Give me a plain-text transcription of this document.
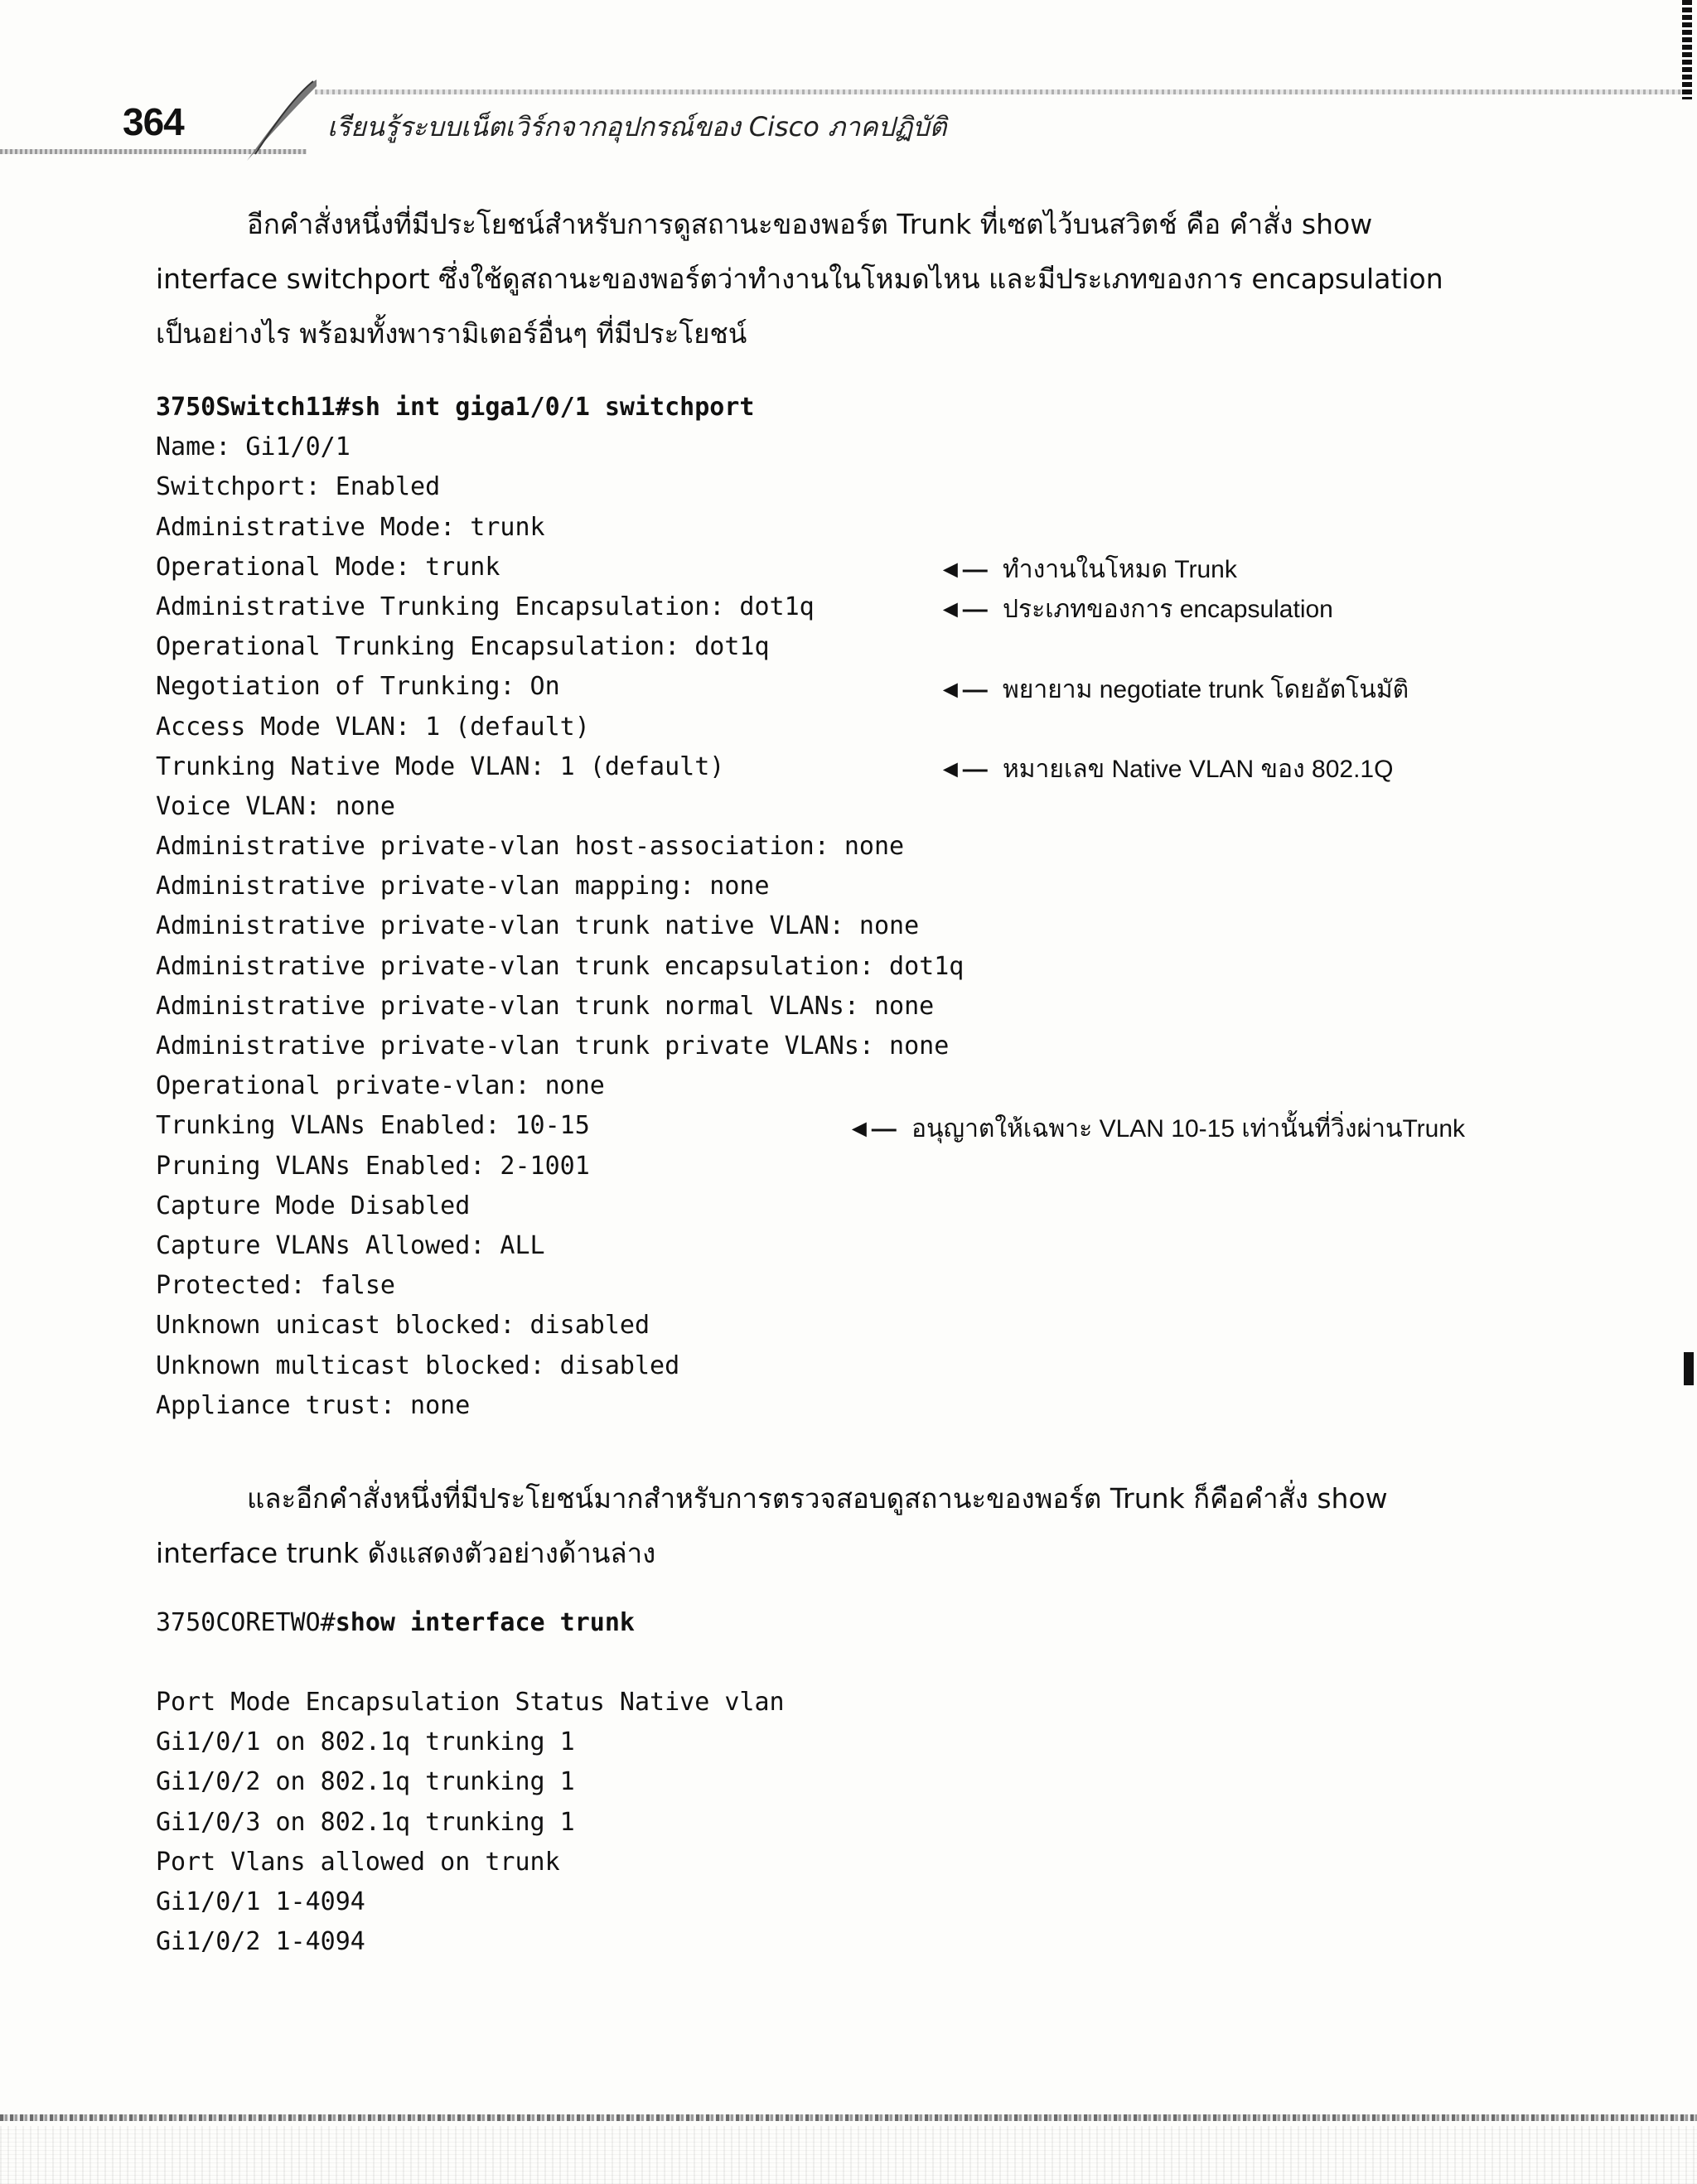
364	เรียนรู้ระบบเน็ตเวิร์กจากอุปกรณ์ของ Cisco ภาคปฏิบัติ
อีกคำสั่งหนึ่งที่มีประโยชน์สำหรับการดูสถานะของพอร์ต Trunk ที่เซตไว้บนสวิตช์ คือ คำสั่ง show
interface switchport ซึ่งใช้ดูสถานะของพอร์ตว่าทำงานในโหมดไหน และมีประเภทของการ encapsulation
เป็นอย่างไร พร้อมทั้งพารามิเตอร์อื่นๆ ที่มีประโยชน์
3750Switch11#sh int giga1/0/1 switchport
Name: Gi1/0/1
Switchport: Enabled
Administrative Mode: trunk
Operational Mode: trunk
Administrative Trunking Encapsulation: dot1q
Operational Trunking Encapsulation: dot1q
Negotiation of Trunking: On
Access Mode VLAN: 1 (default)
Trunking Native Mode VLAN: 1 (default)
Voice VLAN: none
Administrative private-vlan host-association: none
Administrative private-vlan mapping: none
Administrative private-vlan trunk native VLAN: none
Administrative private-vlan trunk encapsulation: dot1q
Administrative private-vlan trunk normal VLANs: none
Administrative private-vlan trunk private VLANs: none
Operational private-vlan: none
Trunking VLANs Enabled: 10-15
Pruning VLANs Enabled: 2-1001
Capture Mode Disabled
Capture VLANs Allowed: ALL
Protected: false
Unknown unicast blocked: disabled
Unknown multicast blocked: disabled
Appliance trust: none
◄— ทำงานในโหมด Trunk
◄— ประเภทของการ encapsulation
◄— พยายาม negotiate trunk โดยอัตโนมัติ
◄— หมายเลข Native VLAN ของ 802.1Q
◄— อนุญาตให้เฉพาะ VLAN 10-15 เท่านั้นที่วิ่งผ่านTrunk
และอีกคำสั่งหนึ่งที่มีประโยชน์มากสำหรับการตรวจสอบดูสถานะของพอร์ต Trunk ก็คือคำสั่ง show
interface trunk ดังแสดงตัวอย่างด้านล่าง
3750CORETWO#show interface trunk
Port Mode Encapsulation Status Native vlan
Gi1/0/1 on 802.1q trunking 1
Gi1/0/2 on 802.1q trunking 1
Gi1/0/3 on 802.1q trunking 1
Port Vlans allowed on trunk
Gi1/0/1 1-4094
Gi1/0/2 1-4094
